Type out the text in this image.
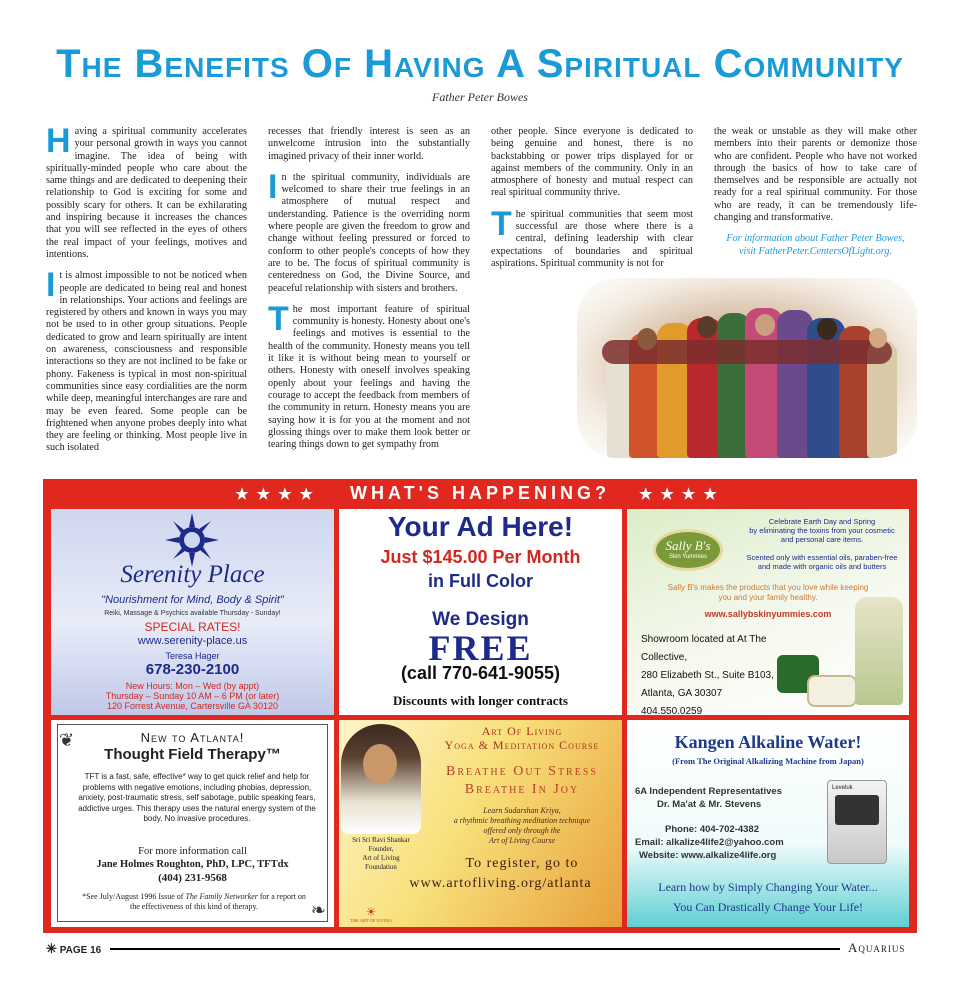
The Benefits Of Having A Spiritual Community
Father Peter Bowes

Having a spiritual community accelerates your personal growth in ways you cannot imagine. The idea of being with spiritually-minded people who care about the same things and are dedicated to deepening their relationship to God is exciting for some and possibly scary for others. It can be exhilarating and inspiring because it increases the chances that you will see reflected in the eyes of others the real impact of your feelings, motives and intentions.

It is almost impossible to not be noticed when people are dedicated to being real and honest in relationships. Your actions and feelings are registered by others and known in ways you may not be used to in other group situations. People dedicated to grow and learn spiritually are intent on awareness, consciousness and responsible interactions so they are not inclined to be fake or phony. Fakeness is typical in most non-spiritual communities since easy cordialities are the norm while deep, meaningful interchanges are rare and may be even feared. Some people can be frightened when anyone probes deeply into what they are feeling or thinking. Most people live in such isolated

recesses that friendly interest is seen as an unwelcome intrusion into the substantially imagined privacy of their inner world.

In the spiritual community, individuals are welcomed to share their true feelings in an atmosphere of mutual respect and understanding. Patience is the overriding norm where people are given the freedom to grow and change without feeling pressured or forced to conform to other people's concepts of how they are to be. The focus of spiritual community is centeredness on God, the Divine Source, and peaceful relationship with sisters and brothers.

The most important feature of spiritual community is honesty. Honesty about one's feelings and motives is essential to the health of the community. Honesty means you tell it like it is without being mean to yourself or others. Honesty with oneself involves speaking openly about your feelings and having the courage to accept the feedback from members of the community in return. Honesty means you are saying how it is for you at the moment and not glossing things over to make them look better or tearing things down to get sympathy from

other people. Since everyone is dedicated to being genuine and honest, there is no backstabbing or power trips displayed for or against members of the community. Only in an atmosphere of honesty and mutual respect can real spiritual community thrive.

The spiritual communities that seem most successful are those where there is a central, defining leadership with clear expectations of boundaries and spiritual aspirations. Spiritual community is not for

the weak or unstable as they will make other members into their parents or demonize those who are confident. People who have not worked through the basics of how to take care of themselves and be responsible are actually not ready for a real spiritual community. For those who are ready, it can be tremendously life-changing and transformative.

For information about Father Peter Bowes,
visit FatherPeter.CentersOfLight.org.
★★★★ WHAT'S HAPPENING? ★★★★
Serenity Place
"Nourishment for Mind, Body & Spirit"
Reiki, Massage & Psychics available Thursday - Sunday!
SPECIAL RATES!
www.serenity-place.us
Teresa Hager
678-230-2100
New Hours: Mon – Wed (by appt)
Thursday – Sunday 10 AM – 6 PM (or later)
120 Forrest Avenue, Cartersville GA 30120
Your Ad Here!
Just $145.00 Per Month
in Full Color
We Design
FREE
(call 770-641-9055)
Discounts with longer contracts
Sally B's
Skin Yummies
Celebrate Earth Day and Spring
by eliminating the toxins from your cosmetic
and personal care items.
Scented only with essential oils, paraben-free
and made with organic oils and butters
Sally B's makes the products that you love while keeping
you and your family healthy.
www.sallybskinyummies.com
Showroom located at At The Collective,
280 Elizabeth St., Suite B103,
Atlanta, GA 30307
404.550.0259
❦
❧
New to Atlanta!
Thought Field Therapy™
TFT is a fast, safe, effective* way to get quick relief and help for problems with negative emotions, including phobias, depression, anxiety, post-traumatic stress, self sabotage, public speaking fears, addictive urges. This therapy uses the natural energy system of the body. No invasive procedures.
For more information call
Jane Holmes Roughton, PhD, LPC, TFTdx
(404) 231-9568
*See July/August 1996 Issue of The Family Networker for a report on the effectiveness of this kind of therapy.
Sri Sri Ravi Shankar
Founder,
Art of Living
Foundation
Art Of Living
Yoga & Meditation Course
Breathe Out Stress
Breathe In Joy
Learn Sudarshan Kriya,
a rhythmic breathing meditation technique
offered only through the
Art of Living Course
To register, go to
www.artofliving.org/atlanta
☀
THE ART OF LIVING
Kangen Alkaline Water!
(From The Original Alkalizing Machine from Japan)
6A Independent Representatives
Dr. Ma'at & Mr. Stevens
Phone: 404-702-4382
Email: alkalize4life2@yahoo.com
Website: www.alkalize4life.org
Leveluk
Learn how by Simply Changing Your Water...
You Can Drastically Change Your Life!
✳ PAGE 16	Aquarius
